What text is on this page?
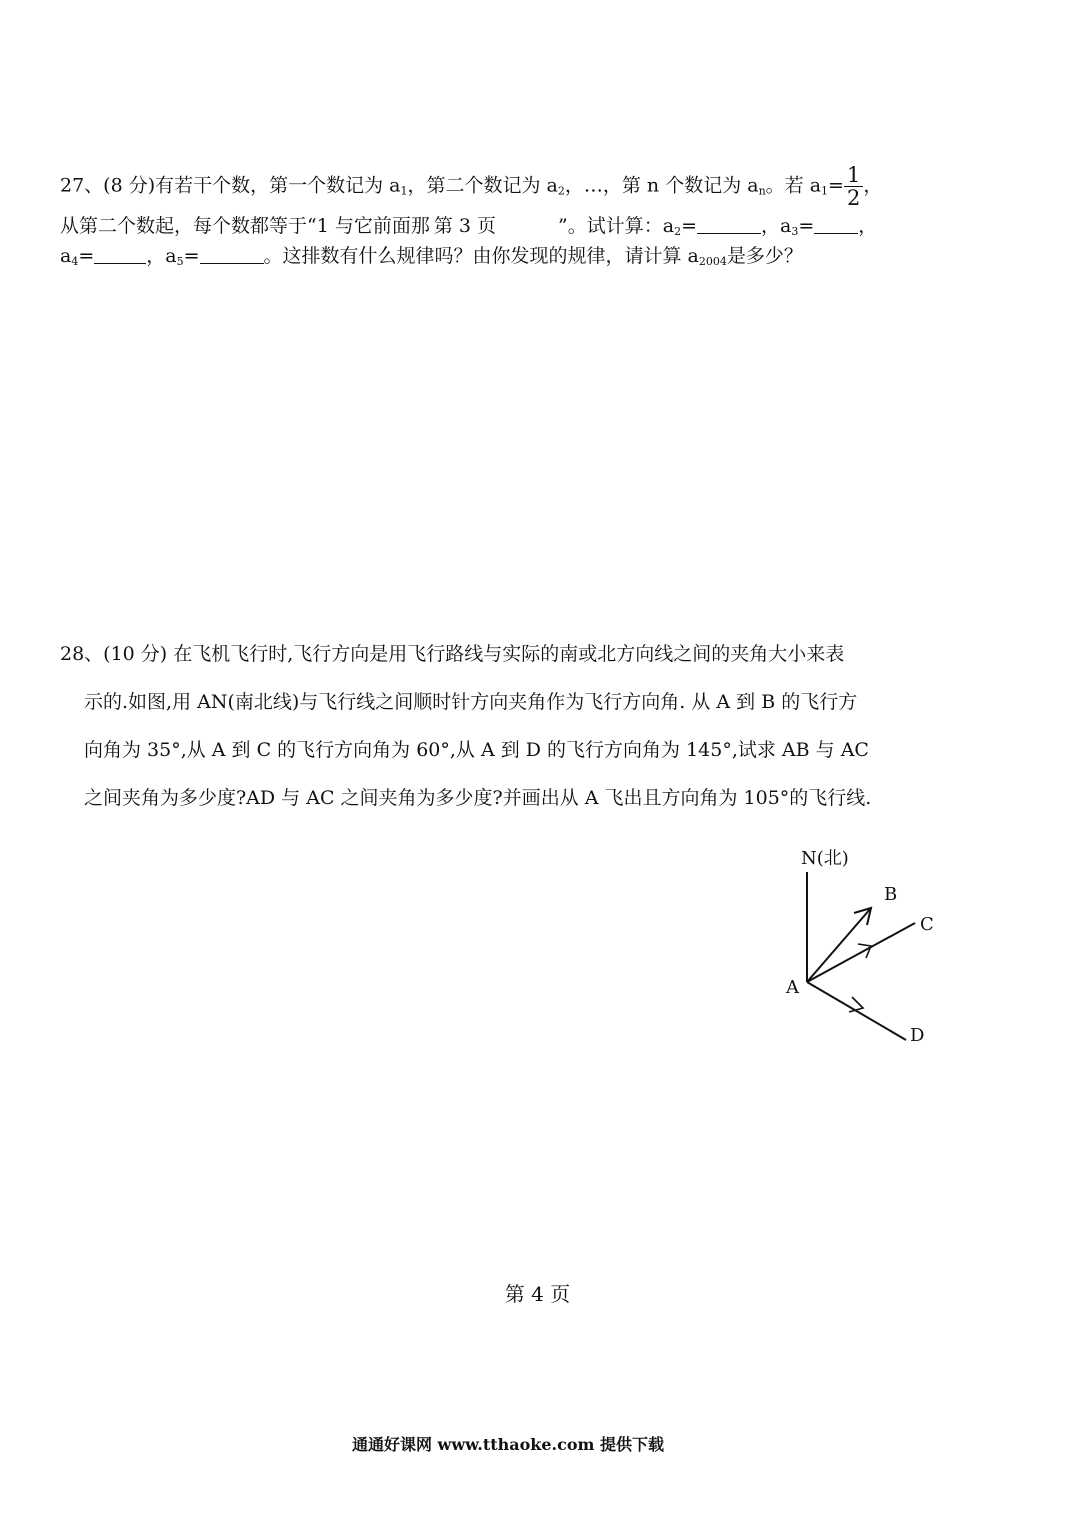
27、(8 分)有若干个数，第一个数记为 $a_1$，第二个数记为 $a_2$，…，第 n 个数记为 $a_n$。若 $a_1= \frac{1}{2}$ ，
从第二个数起，每个数都等于“1 与它前面那 第 3 页	”。试计算：$a_2=$	，$a_3=$ ，
$a_4=$	，$a_5=$	。这排数有什么规律吗？由你发现的规律，请计算 $a_{2004}$是多少？
28、(10 分) 在飞机飞行时,飞行方向是用飞行路线与实际的南或北方向线之间的夹角大小来表
示的.如图,用 AN(南北线)与飞行线之间顺时针方向夹角作为飞行方向角. 从 A 到 B 的飞行方
向角为 35°,从 A 到 C 的飞行方向角为 60°,从 A 到 D 的飞行方向角为 145°,试求 AB 与 AC
之间夹角为多少度?AD 与 AC 之间夹角为多少度?并画出从 A 飞出且方向角为 105°的飞行线.
N(北)
A
B
C
D
第 4 页
通通好课网 www.tthaoke.com 提供下载
